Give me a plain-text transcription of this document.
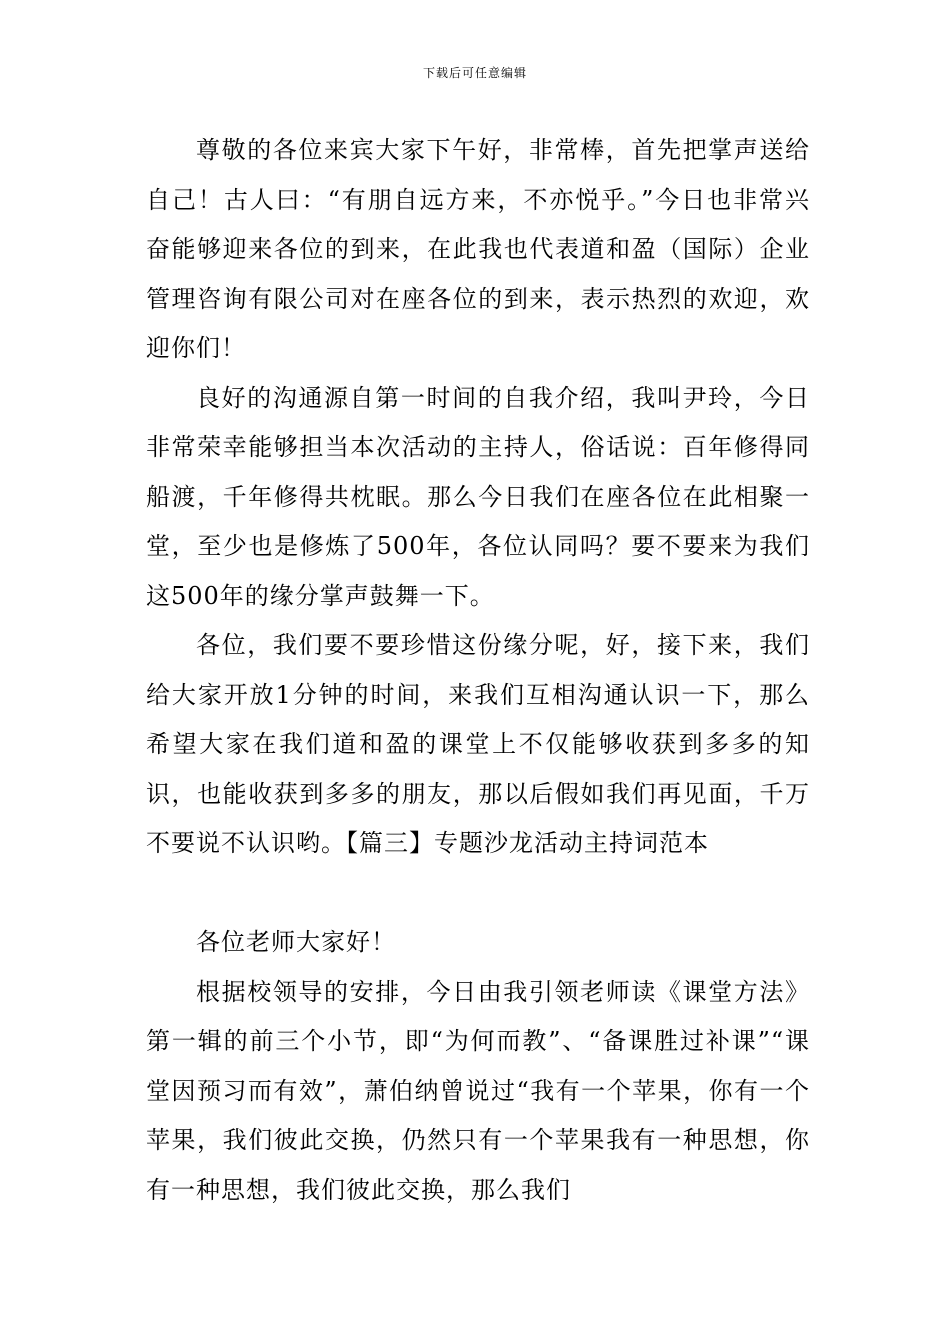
下载后可任意编辑

尊敬的各位来宾大家下午好，非常棒，首先把掌声送给自己！古人曰：“有朋自远方来，不亦悦乎。”今日也非常兴奋能够迎来各位的到来，在此我也代表道和盈（国际）企业管理咨询有限公司对在座各位的到来，表示热烈的欢迎，欢迎你们！

良好的沟通源自第一时间的自我介绍，我叫尹玲，今日非常荣幸能够担当本次活动的主持人，俗话说：百年修得同船渡，千年修得共枕眠。那么今日我们在座各位在此相聚一堂，至少也是修炼了500年，各位认同吗？要不要来为我们这500年的缘分掌声鼓舞一下。

各位，我们要不要珍惜这份缘分呢，好，接下来，我们给大家开放1分钟的时间，来我们互相沟通认识一下，那么希望大家在我们道和盈的课堂上不仅能够收获到多多的知识，也能收获到多多的朋友，那以后假如我们再见面，千万不要说不认识哟。【篇三】专题沙龙活动主持词范本

各位老师大家好！

根据校领导的安排，今日由我引领老师读《课堂方法》第一辑的前三个小节，即“为何而教”、“备课胜过补课”“课堂因预习而有效”，萧伯纳曾说过“我有一个苹果，你有一个苹果，我们彼此交换，仍然只有一个苹果我有一种思想，你有一种思想，我们彼此交换，那么我们
